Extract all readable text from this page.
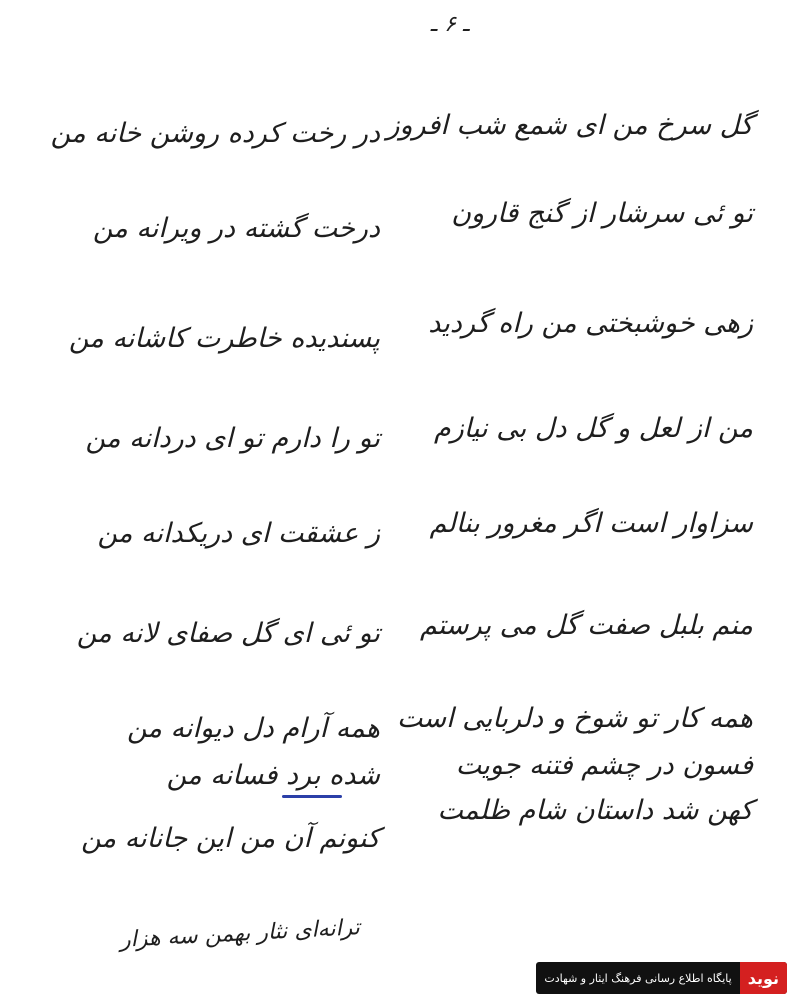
ـ ۶ ـ
گل سرخ من ای شمع شب افروز
تو ئی سرشار از گنج قارون
زهی خوشبختی من راه گردید
من از لعل و گل دل بی نیازم
سزاوار است اگر مغرور بنالم
منم بلبل صفت گل می پرستم
همه کار تو شوخ و دلربایی است
فسون در چشم فتنه جویت
کهن شد داستان شام ظلمت
در رخت کرده روشن خانه من
درخت گشته در ویرانه من
پسندیده خاطرت کاشانه من
تو را دارم تو ای دردانه من
ز عشقت ای دریکدانه من
تو ئی ای گل صفای لانه من
همه آرام دل دیوانه من
شده برد فسانه من
کنونم آن من این جانانه من
ترانه‌ای نثار بهمن سه هزار
نوید
پایگاه اطلاع رسانی فرهنگ ایثار و شهادت
